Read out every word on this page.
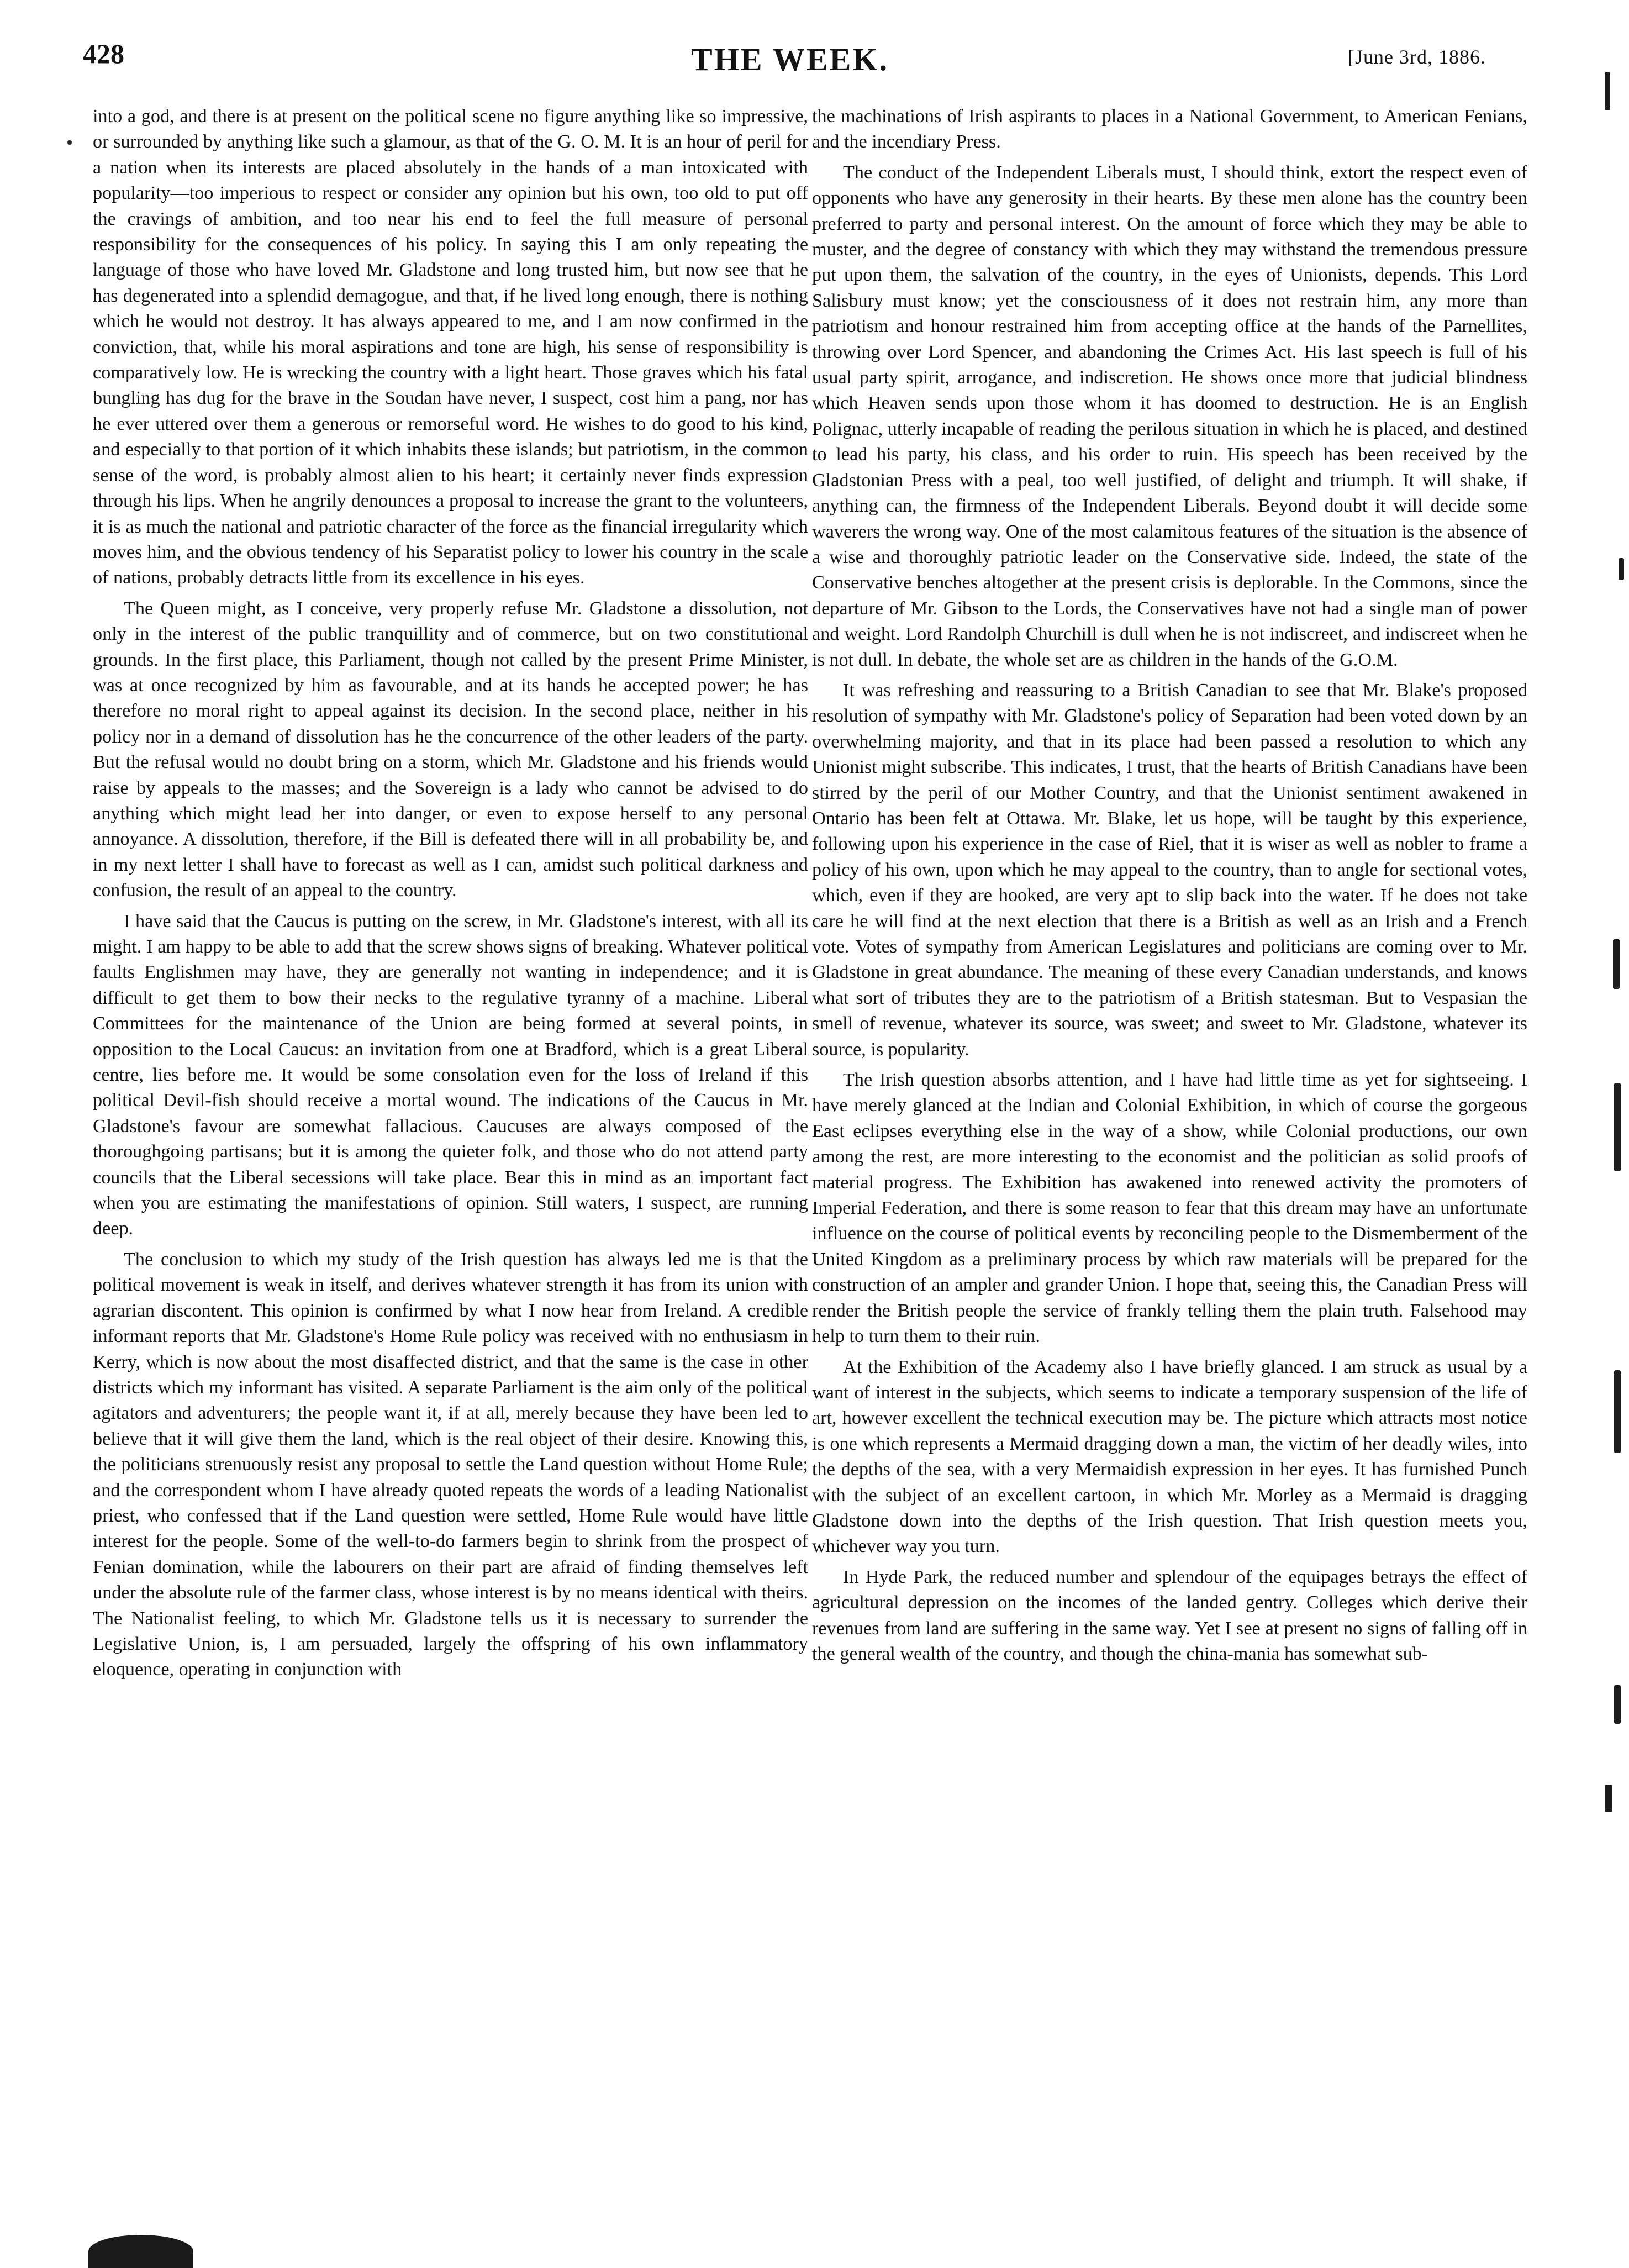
428	THE WEEK.	[June 3rd, 1886.

into a god, and there is at present on the political scene no figure anything like so impressive, or surrounded by anything like such a glamour, as that of the G. O. M. It is an hour of peril for a nation when its interests are placed absolutely in the hands of a man intoxicated with popularity—too imperious to respect or consider any opinion but his own, too old to put off the cravings of ambition, and too near his end to feel the full measure of personal responsibility for the consequences of his policy. In saying this I am only repeating the language of those who have loved Mr. Gladstone and long trusted him, but now see that he has degenerated into a splendid demagogue, and that, if he lived long enough, there is nothing which he would not destroy. It has always appeared to me, and I am now confirmed in the conviction, that, while his moral aspirations and tone are high, his sense of responsibility is comparatively low. He is wrecking the country with a light heart. Those graves which his fatal bungling has dug for the brave in the Soudan have never, I suspect, cost him a pang, nor has he ever uttered over them a generous or remorseful word. He wishes to do good to his kind, and especially to that portion of it which inhabits these islands; but patriotism, in the common sense of the word, is probably almost alien to his heart; it certainly never finds expression through his lips. When he angrily denounces a proposal to increase the grant to the volunteers, it is as much the national and patriotic character of the force as the financial irregularity which moves him, and the obvious tendency of his Separatist policy to lower his country in the scale of nations, probably detracts little from its excellence in his eyes.

The Queen might, as I conceive, very properly refuse Mr. Gladstone a dissolution, not only in the interest of the public tranquillity and of commerce, but on two constitutional grounds. In the first place, this Parliament, though not called by the present Prime Minister, was at once recognized by him as favourable, and at its hands he accepted power; he has therefore no moral right to appeal against its decision. In the second place, neither in his policy nor in a demand of dissolution has he the concurrence of the other leaders of the party. But the refusal would no doubt bring on a storm, which Mr. Gladstone and his friends would raise by appeals to the masses; and the Sovereign is a lady who cannot be advised to do anything which might lead her into danger, or even to expose herself to any personal annoyance. A dissolution, therefore, if the Bill is defeated there will in all probability be, and in my next letter I shall have to forecast as well as I can, amidst such political darkness and confusion, the result of an appeal to the country.

I have said that the Caucus is putting on the screw, in Mr. Gladstone's interest, with all its might. I am happy to be able to add that the screw shows signs of breaking. Whatever political faults Englishmen may have, they are generally not wanting in independence; and it is difficult to get them to bow their necks to the regulative tyranny of a machine. Liberal Committees for the maintenance of the Union are being formed at several points, in opposition to the Local Caucus: an invitation from one at Bradford, which is a great Liberal centre, lies before me. It would be some consolation even for the loss of Ireland if this political Devil-fish should receive a mortal wound. The indications of the Caucus in Mr. Gladstone's favour are somewhat fallacious. Caucuses are always composed of the thoroughgoing partisans; but it is among the quieter folk, and those who do not attend party councils that the Liberal secessions will take place. Bear this in mind as an important fact when you are estimating the manifestations of opinion. Still waters, I suspect, are running deep.

The conclusion to which my study of the Irish question has always led me is that the political movement is weak in itself, and derives whatever strength it has from its union with agrarian discontent. This opinion is confirmed by what I now hear from Ireland. A credible informant reports that Mr. Gladstone's Home Rule policy was received with no enthusiasm in Kerry, which is now about the most disaffected district, and that the same is the case in other districts which my informant has visited. A separate Parliament is the aim only of the political agitators and adventurers; the people want it, if at all, merely because they have been led to believe that it will give them the land, which is the real object of their desire. Knowing this, the politicians strenuously resist any proposal to settle the Land question without Home Rule; and the correspondent whom I have already quoted repeats the words of a leading Nationalist priest, who confessed that if the Land question were settled, Home Rule would have little interest for the people. Some of the well-to-do farmers begin to shrink from the prospect of Fenian domination, while the labourers on their part are afraid of finding themselves left under the absolute rule of the farmer class, whose interest is by no means identical with theirs. The Nationalist feeling, to which Mr. Gladstone tells us it is necessary to surrender the Legislative Union, is, I am persuaded, largely the offspring of his own inflammatory eloquence, operating in conjunction with

the machinations of Irish aspirants to places in a National Government, to American Fenians, and the incendiary Press.

The conduct of the Independent Liberals must, I should think, extort the respect even of opponents who have any generosity in their hearts. By these men alone has the country been preferred to party and personal interest. On the amount of force which they may be able to muster, and the degree of constancy with which they may withstand the tremendous pressure put upon them, the salvation of the country, in the eyes of Unionists, depends. This Lord Salisbury must know; yet the consciousness of it does not restrain him, any more than patriotism and honour restrained him from accepting office at the hands of the Parnellites, throwing over Lord Spencer, and abandoning the Crimes Act. His last speech is full of his usual party spirit, arrogance, and indiscretion. He shows once more that judicial blindness which Heaven sends upon those whom it has doomed to destruction. He is an English Polignac, utterly incapable of reading the perilous situation in which he is placed, and destined to lead his party, his class, and his order to ruin. His speech has been received by the Gladstonian Press with a peal, too well justified, of delight and triumph. It will shake, if anything can, the firmness of the Independent Liberals. Beyond doubt it will decide some waverers the wrong way. One of the most calamitous features of the situation is the absence of a wise and thoroughly patriotic leader on the Conservative side. Indeed, the state of the Conservative benches altogether at the present crisis is deplorable. In the Commons, since the departure of Mr. Gibson to the Lords, the Conservatives have not had a single man of power and weight. Lord Randolph Churchill is dull when he is not indiscreet, and indiscreet when he is not dull. In debate, the whole set are as children in the hands of the G.O.M.

It was refreshing and reassuring to a British Canadian to see that Mr. Blake's proposed resolution of sympathy with Mr. Gladstone's policy of Separation had been voted down by an overwhelming majority, and that in its place had been passed a resolution to which any Unionist might subscribe. This indicates, I trust, that the hearts of British Canadians have been stirred by the peril of our Mother Country, and that the Unionist sentiment awakened in Ontario has been felt at Ottawa. Mr. Blake, let us hope, will be taught by this experience, following upon his experience in the case of Riel, that it is wiser as well as nobler to frame a policy of his own, upon which he may appeal to the country, than to angle for sectional votes, which, even if they are hooked, are very apt to slip back into the water. If he does not take care he will find at the next election that there is a British as well as an Irish and a French vote. Votes of sympathy from American Legislatures and politicians are coming over to Mr. Gladstone in great abundance. The meaning of these every Canadian understands, and knows what sort of tributes they are to the patriotism of a British statesman. But to Vespasian the smell of revenue, whatever its source, was sweet; and sweet to Mr. Gladstone, whatever its source, is popularity.

The Irish question absorbs attention, and I have had little time as yet for sightseeing. I have merely glanced at the Indian and Colonial Exhibition, in which of course the gorgeous East eclipses everything else in the way of a show, while Colonial productions, our own among the rest, are more interesting to the economist and the politician as solid proofs of material progress. The Exhibition has awakened into renewed activity the promoters of Imperial Federation, and there is some reason to fear that this dream may have an unfortunate influence on the course of political events by reconciling people to the Dismemberment of the United Kingdom as a preliminary process by which raw materials will be prepared for the construction of an ampler and grander Union. I hope that, seeing this, the Canadian Press will render the British people the service of frankly telling them the plain truth. Falsehood may help to turn them to their ruin.

At the Exhibition of the Academy also I have briefly glanced. I am struck as usual by a want of interest in the subjects, which seems to indicate a temporary suspension of the life of art, however excellent the technical execution may be. The picture which attracts most notice is one which represents a Mermaid dragging down a man, the victim of her deadly wiles, into the depths of the sea, with a very Mermaidish expression in her eyes. It has furnished Punch with the subject of an excellent cartoon, in which Mr. Morley as a Mermaid is dragging Gladstone down into the depths of the Irish question. That Irish question meets you, whichever way you turn.

In Hyde Park, the reduced number and splendour of the equipages betrays the effect of agricultural depression on the incomes of the landed gentry. Colleges which derive their revenues from land are suffering in the same way. Yet I see at present no signs of falling off in the general wealth of the country, and though the china-mania has somewhat sub-
